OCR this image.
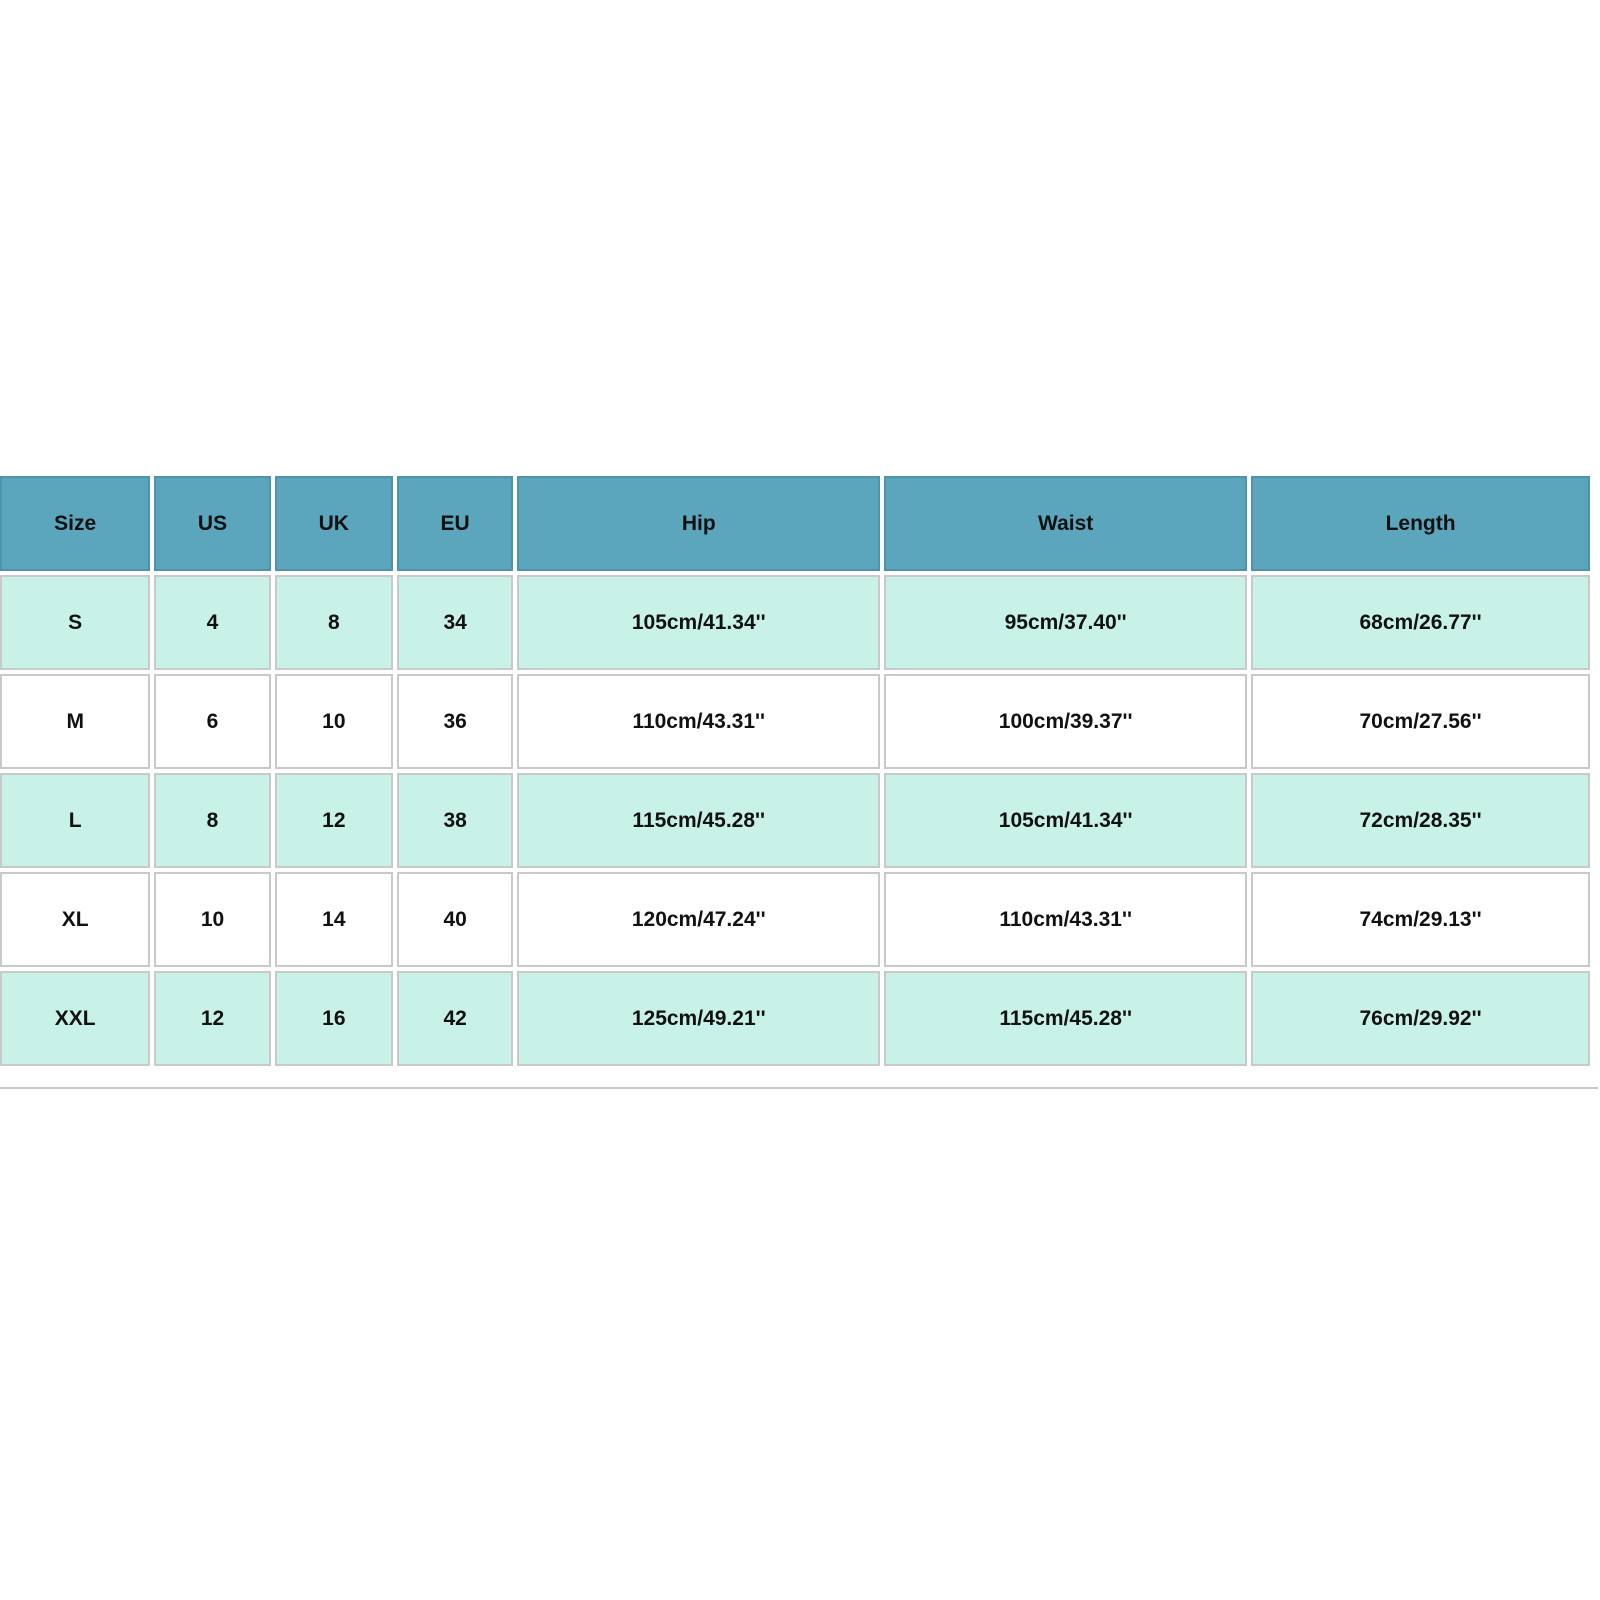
Size	US	UK	EU	Hip	Waist	Length
S	4	8	34	105cm/41.34''	95cm/37.40''	68cm/26.77''
M	6	10	36	110cm/43.31''	100cm/39.37''	70cm/27.56''
L	8	12	38	115cm/45.28''	105cm/41.34''	72cm/28.35''
XL	10	14	40	120cm/47.24''	110cm/43.31''	74cm/29.13''
XXL	12	16	42	125cm/49.21''	115cm/45.28''	76cm/29.92''
